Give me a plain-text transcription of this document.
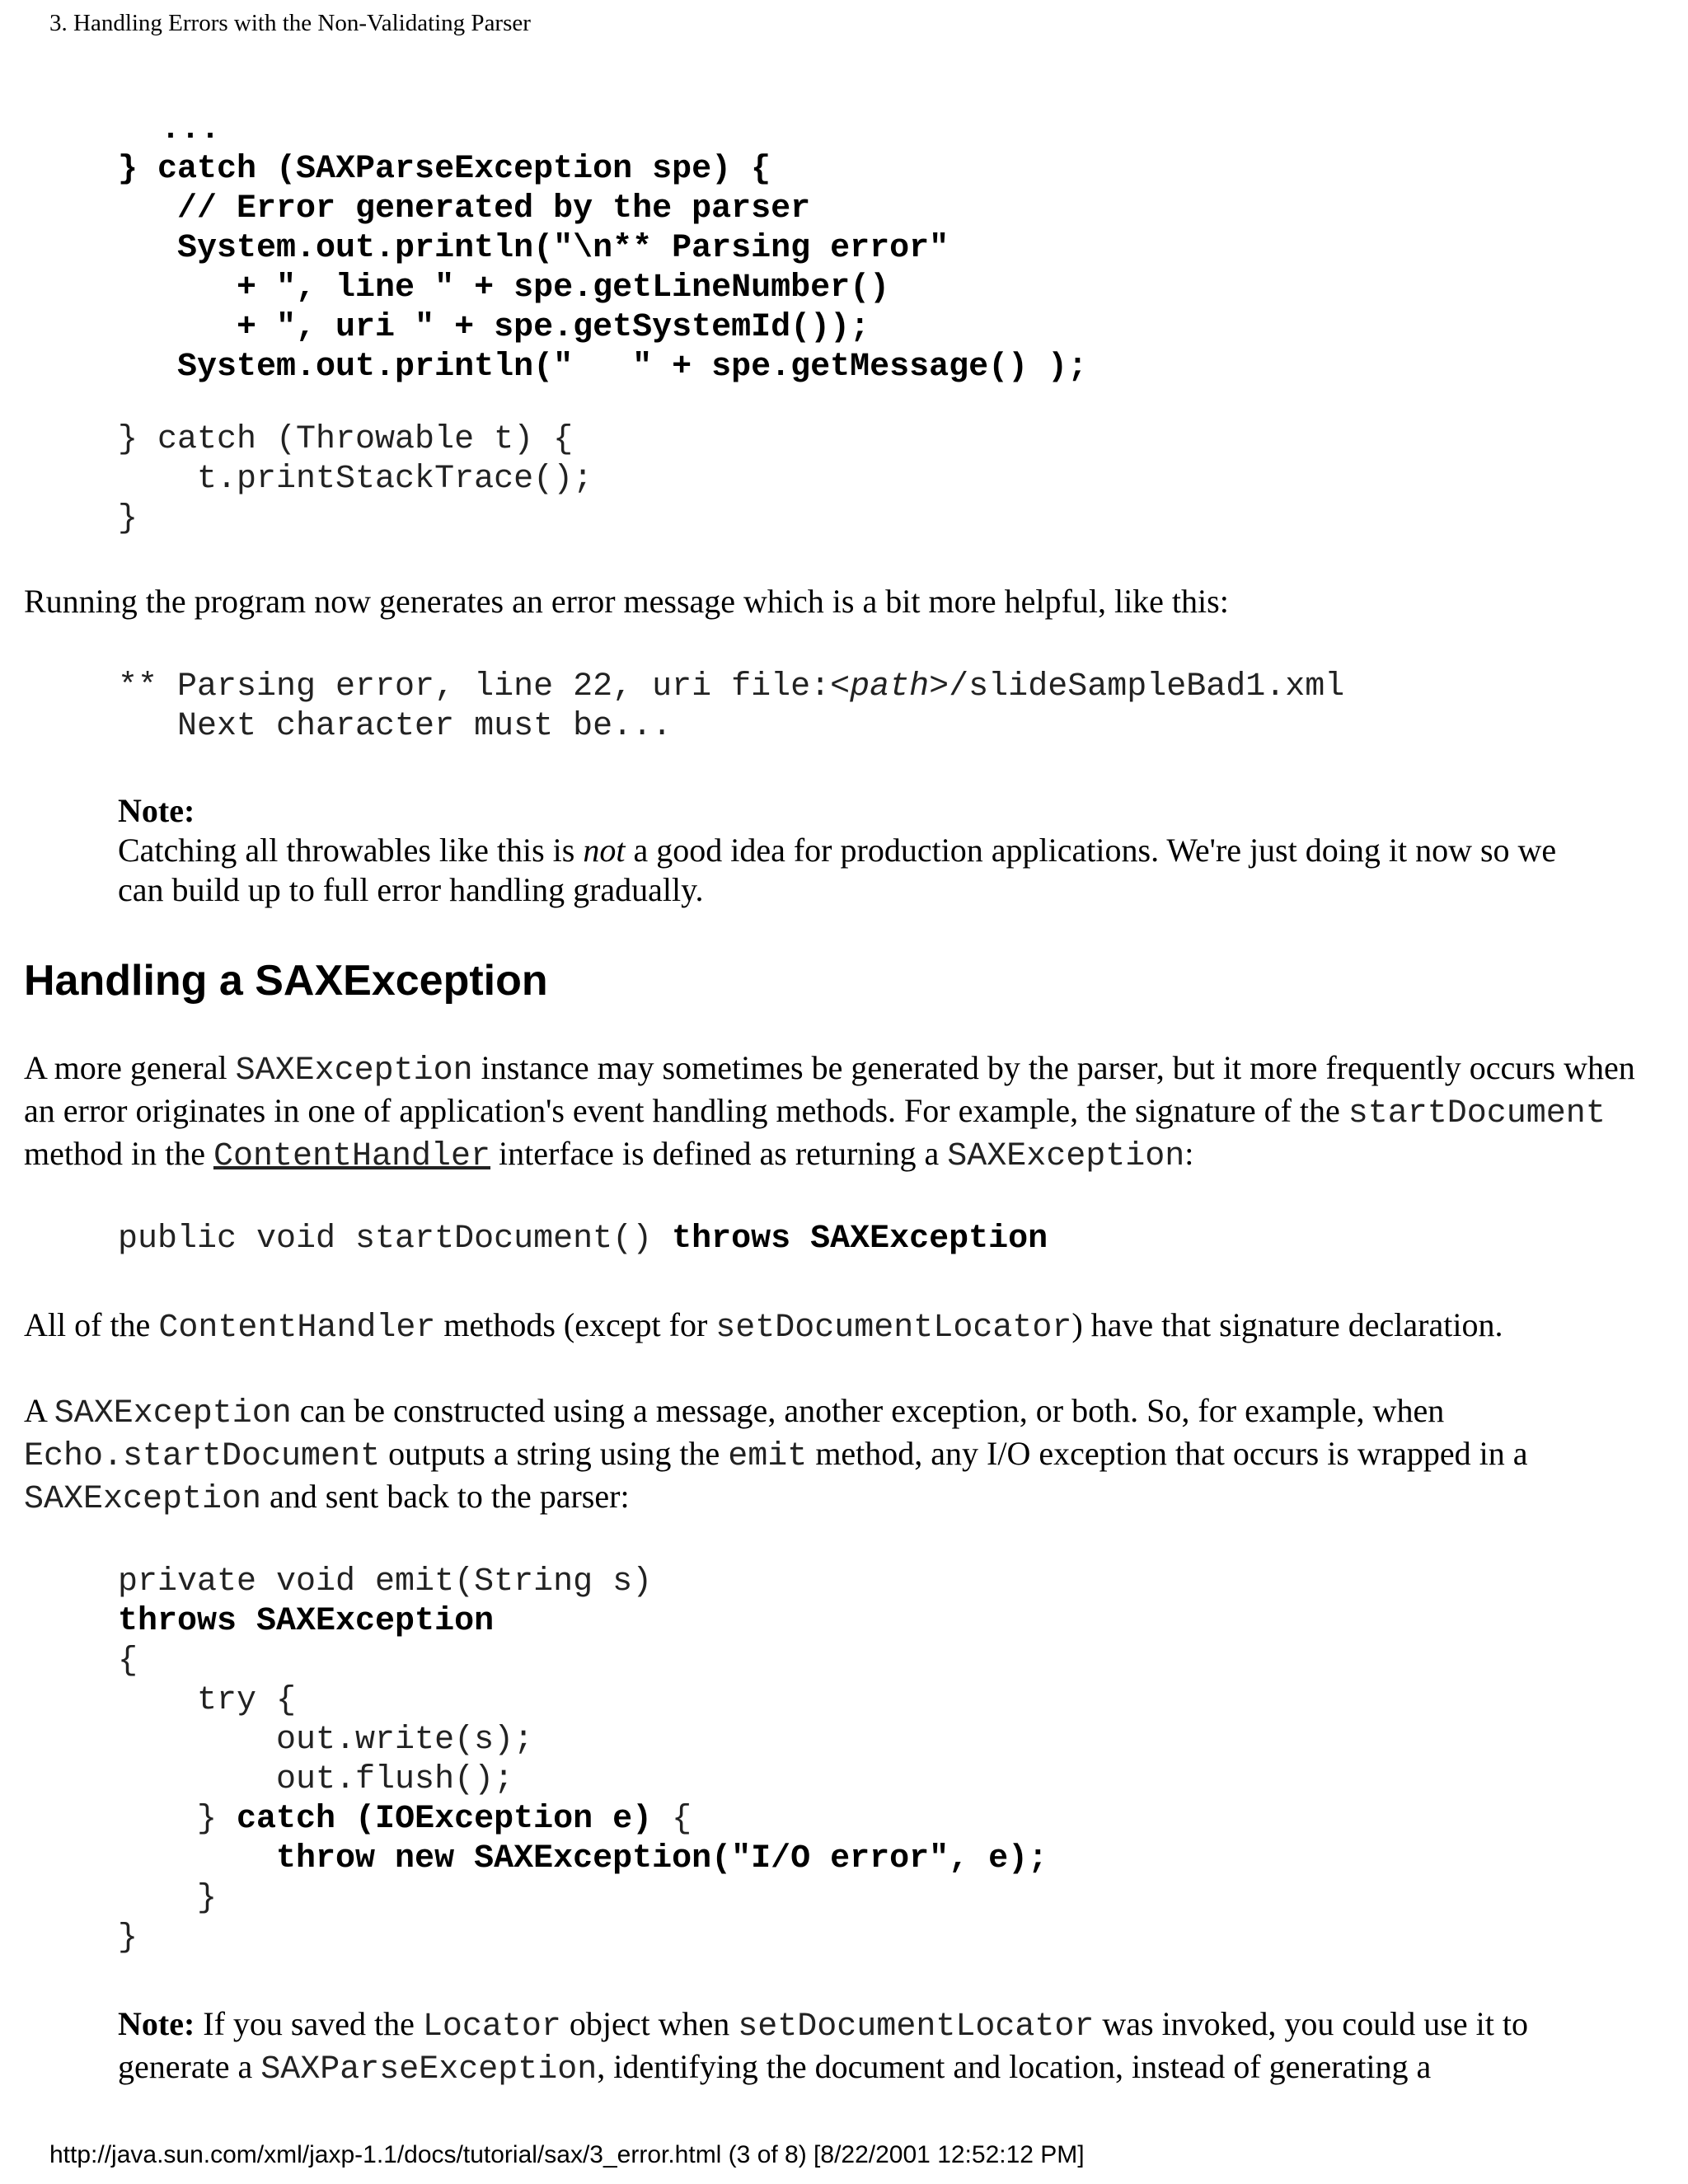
3. Handling Errors with the Non-Validating Parser
...
} catch (SAXParseException spe) {
// Error generated by the parser
System.out.println("\n** Parsing error"
+ ", line " + spe.getLineNumber()
+ ", uri " + spe.getSystemId());
System.out.println("   " + spe.getMessage() );

} catch (Throwable t) {
t.printStackTrace();
}
Running the program now generates an error message which is a bit more helpful, like this:
** Parsing error, line 22, uri file:<path>/slideSampleBad1.xml
Next character must be...
Note:
Catching all throwables like this is not a good idea for production applications. We're just doing it now so we can build up to full error handling gradually.
Handling a SAXException
A more general SAXException instance may sometimes be generated by the parser, but it more frequently occurs when an error originates in one of application's event handling methods. For example, the signature of the startDocument method in the ContentHandler interface is defined as returning a SAXException:
public void startDocument() throws SAXException
All of the ContentHandler methods (except for setDocumentLocator) have that signature declaration.
A SAXException can be constructed using a message, another exception, or both. So, for example, when Echo.startDocument outputs a string using the emit method, any I/O exception that occurs is wrapped in a SAXException and sent back to the parser:
private void emit(String s)
throws SAXException
{
try {
out.write(s);
out.flush();
} catch (IOException e) {
throw new SAXException("I/O error", e);
}
}
Note: If you saved the Locator object when setDocumentLocator was invoked, you could use it to generate a SAXParseException, identifying the document and location, instead of generating a
http://java.sun.com/xml/jaxp-1.1/docs/tutorial/sax/3_error.html (3 of 8) [8/22/2001 12:52:12 PM]
